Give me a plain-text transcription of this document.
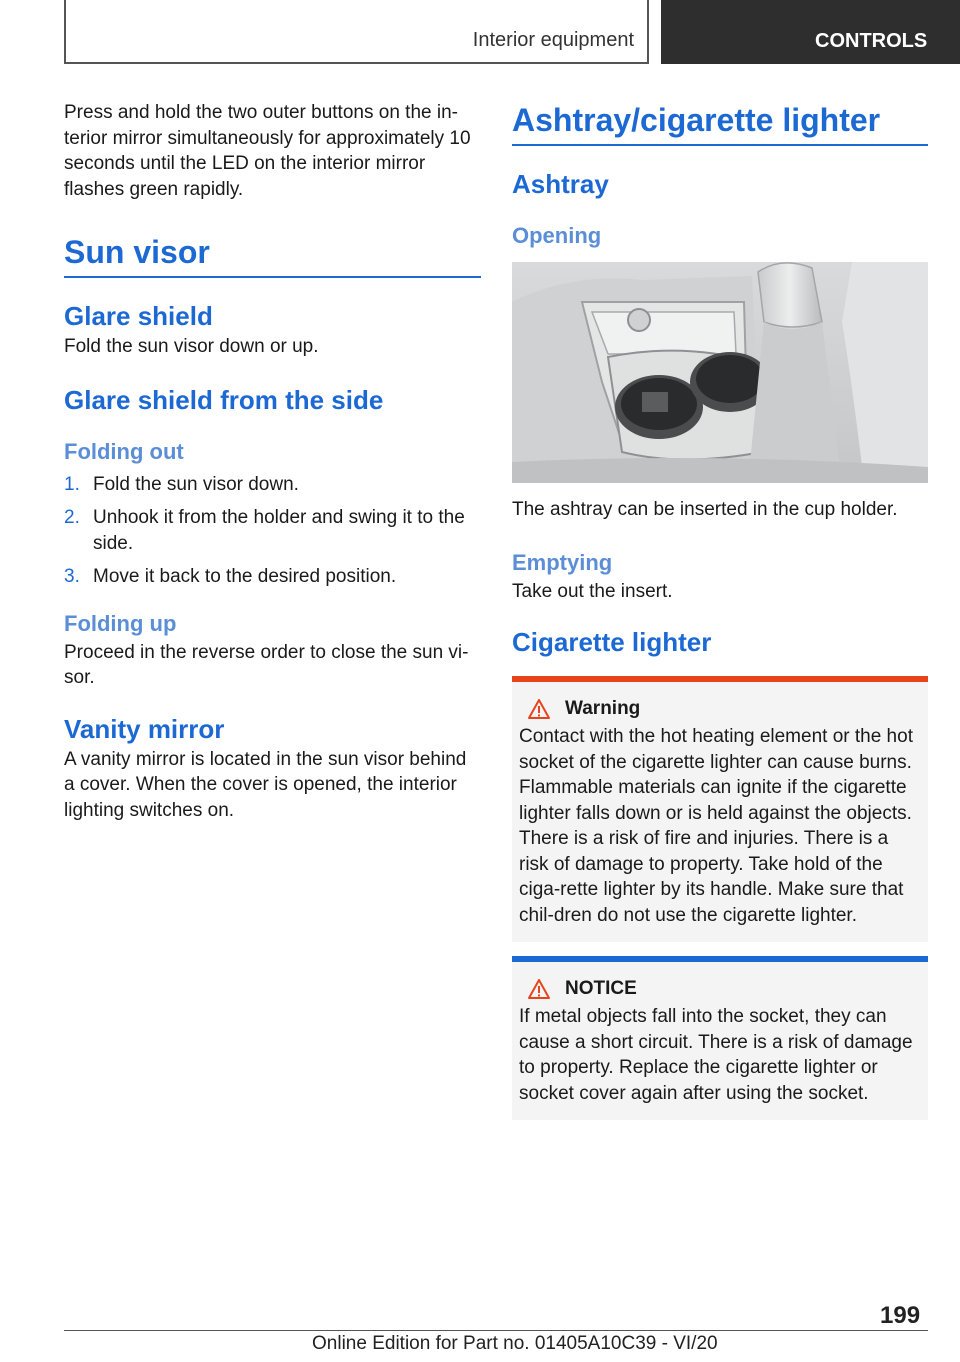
Interior equipment	CONTROLS

Press and hold the two outer buttons on the in-terior mirror simultaneously for approximately 10 seconds until the LED on the interior mirror flashes green rapidly.

Sun visor
Glare shield

Fold the sun visor down or up.

Glare shield from the side
Folding out
1. Fold the sun visor down.
2. Unhook it from the holder and swing it to the side.
3. Move it back to the desired position.
Folding up

Proceed in the reverse order to close the sun vi-sor.

Vanity mirror

A vanity mirror is located in the sun visor behind a cover. When the cover is opened, the interior lighting switches on.

Ashtray/cigarette lighter
Ashtray
Opening

The ashtray can be inserted in the cup holder.

Emptying

Take out the insert.

Cigarette lighter
Warning

Contact with the hot heating element or the hot socket of the cigarette lighter can cause burns. Flammable materials can ignite if the cigarette lighter falls down or is held against the objects. There is a risk of fire and injuries. There is a risk of damage to property. Take hold of the ciga-rette lighter by its handle. Make sure that chil-dren do not use the cigarette lighter.

NOTICE

If metal objects fall into the socket, they can cause a short circuit. There is a risk of damage to property. Replace the cigarette lighter or socket cover again after using the socket.

199
Online Edition for Part no. 01405A10C39 - VI/20
